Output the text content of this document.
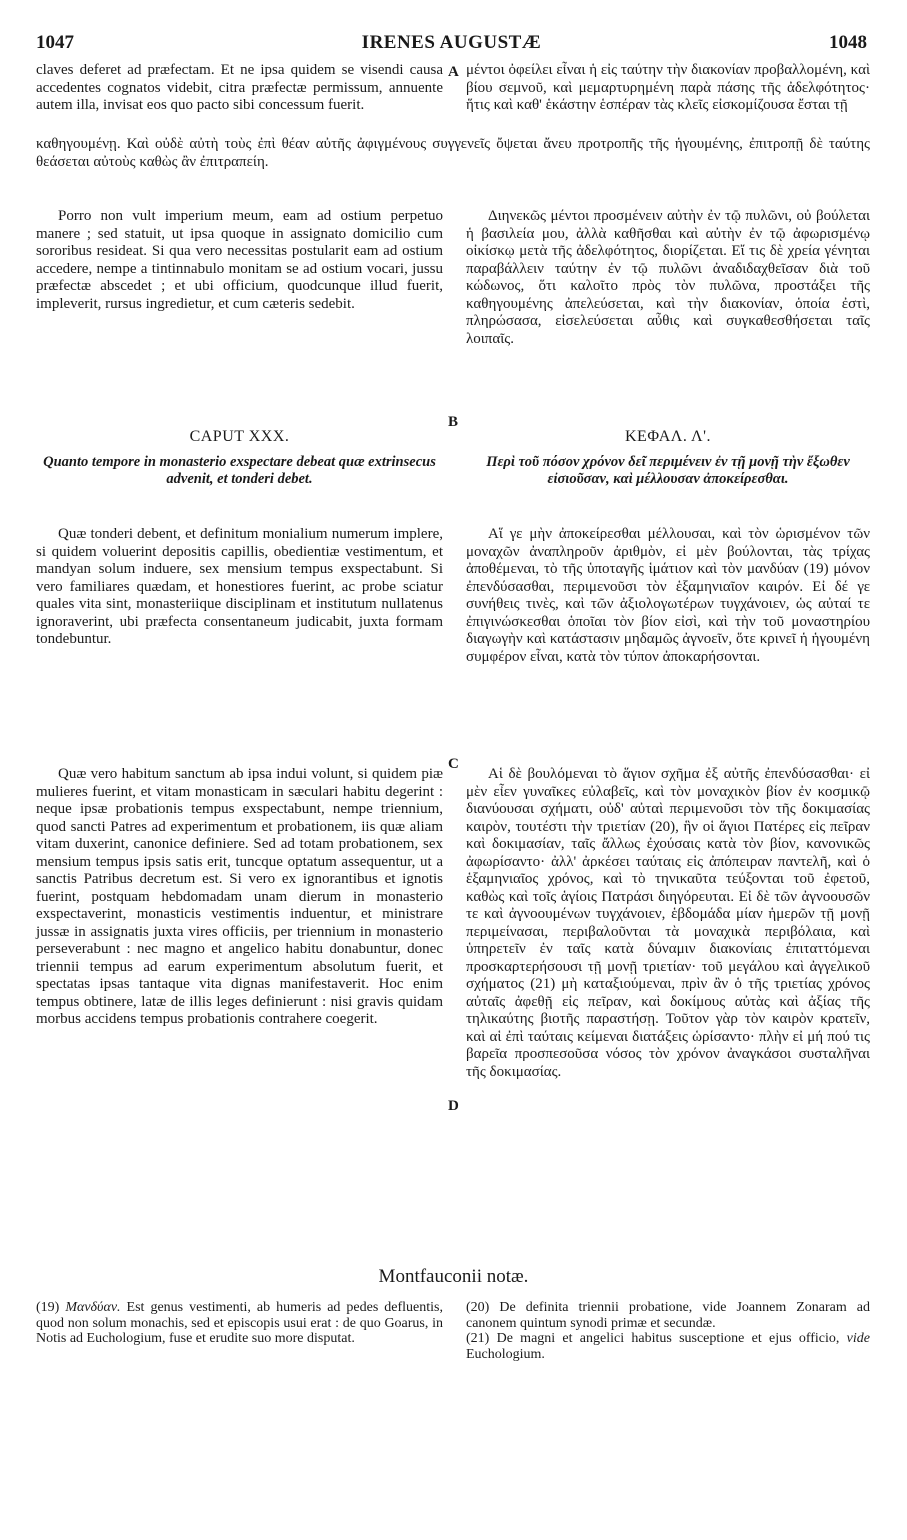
1047	IRENES AUGUSTÆ	1048

claves deferet ad præfectam. Et ne ipsa quidem se visendi causa accedentes cognatos videbit, citra præfectæ permissum, annuente autem illa, invisat eos quo pacto sibi concessum fuerit.

μέντοι ὀφείλει εἶναι ἡ εἰς ταύτην τὴν διακονίαν προβαλλομένη, καὶ βίου σεμνοῦ, καὶ μεμαρτυρημένη παρὰ πάσης τῆς ἀδελφότητος· ἥτις καὶ καθ' ἑκάστην ἑσπέραν τὰς κλεῖς εἰσκομίζουσα ἔσται τῇ

καθηγουμένῃ. Καὶ οὐδὲ αὐτὴ τοὺς ἐπὶ θέαν αὐτῆς ἀφιγμένους συγγενεῖς ὄψεται ἄνευ προτροπῆς τῆς ἡγουμένης, ἐπιτροπῇ δὲ ταύτης θεάσεται αὐτοὺς καθὼς ἂν ἐπιτραπείη.

A
B
C
D

Porro non vult imperium meum, eam ad ostium perpetuo manere ; sed statuit, ut ipsa quoque in assignato domicilio cum sororibus resideat. Si qua vero necessitas postularit eam ad ostium accedere, nempe a tintinnabulo monitam se ad ostium vocari, jussu præfectæ abscedet ; et ubi officium, quodcunque illud fuerit, impleverit, rursus ingredietur, et cum cæteris sedebit.

Διηνεκῶς μέντοι προσμένειν αὐτὴν ἐν τῷ πυλῶνι, οὐ βούλεται ἡ βασιλεία μου, ἀλλὰ καθῆσθαι καὶ αὐτὴν ἐν τῷ ἀφωρισμένῳ οἰκίσκῳ μετὰ τῆς ἀδελφότητος, διορίζεται. Εἴ τις δὲ χρεία γένηται παραβάλλειν ταύτην ἐν τῷ πυλῶνι ἀναδιδαχθεῖσαν διὰ τοῦ κώδωνος, ὅτι καλοῖτο πρὸς τὸν πυλῶνα, προστάξει τῆς καθηγουμένης ἀπελεύσεται, καὶ τὴν διακονίαν, ὁποία ἐστὶ, πληρώσασα, εἰσελεύσεται αὖθις καὶ συγκαθεσθήσεται ταῖς λοιπαῖς.

CAPUT XXX.

Quanto tempore in monasterio exspectare debeat quæ extrinsecus advenit, et tonderi debet.

ΚΕΦΑΛ. Λ'.

Περὶ τοῦ πόσον χρόνον δεῖ περιμένειν ἐν τῇ μονῇ τὴν ἔξωθεν εἰσιοῦσαν, καὶ μέλλουσαν ἀποκείρεσθαι.

Quæ tonderi debent, et definitum monialium numerum implere, si quidem voluerint depositis capillis, obedientiæ vestimentum, et mandyan solum induere, sex mensium tempus exspectabunt. Si vero familiares quædam, et honestiores fuerint, ac probe sciatur quales vita sint, monasteriique disciplinam et institutum nullatenus ignoraverint, ubi præfecta consentaneum judicabit, juxta formam tondebuntur.

Αἵ γε μὴν ἀποκείρεσθαι μέλλουσαι, καὶ τὸν ὡρισμένον τῶν μοναχῶν ἀναπληροῦν ἀριθμὸν, εἰ μὲν βούλονται, τὰς τρίχας ἀποθέμεναι, τὸ τῆς ὑποταγῆς ἱμάτιον καὶ τὸν μανδύαν (19) μόνον ἐπενδύσασθαι, περιμενοῦσι τὸν ἑξαμηνιαῖον καιρόν. Εἰ δέ γε συνήθεις τινὲς, καὶ τῶν ἀξιολογωτέρων τυγχάνοιεν, ὡς αὐταί τε ἐπιγινώσκεσθαι ὁποῖαι τὸν βίον εἰσὶ, καὶ τὴν τοῦ μοναστηρίου διαγωγὴν καὶ κατάστασιν μηδαμῶς ἀγνοεῖν, ὅτε κρινεῖ ἡ ἡγουμένη συμφέρον εἶναι, κατὰ τὸν τύπον ἀποκαρήσονται.

Quæ vero habitum sanctum ab ipsa indui volunt, si quidem piæ mulieres fuerint, et vitam monasticam in sæculari habitu degerint : neque ipsæ probationis tempus exspectabunt, nempe triennium, quod sancti Patres ad experimentum et probationem, iis quæ aliam vitam duxerint, canonice definiere. Sed ad totam probationem, sex mensium tempus ipsis satis erit, tuncque optatum assequentur, ut a sanctis Patribus decretum est. Si vero ex ignorantibus et ignotis fuerint, postquam hebdomadam unam dierum in monasterio exspectaverint, monasticis vestimentis induentur, et ministrare jussæ in assignatis juxta vires officiis, per triennium in monasterio perseverabunt : nec magno et angelico habitu donabuntur, donec triennii tempus ad earum experimentum absolutum fuerit, et spectatas ipsas tantaque vita dignas manifestaverit. Hoc enim tempus obtinere, latæ de illis leges definierunt : nisi gravis quidam morbus accidens tempus probationis contrahere coegerit.

Αἱ δὲ βουλόμεναι τὸ ἅγιον σχῆμα ἐξ αὐτῆς ἐπενδύσασθαι· εἰ μὲν εἶεν γυναῖκες εὐλαβεῖς, καὶ τὸν μοναχικὸν βίον ἐν κοσμικῷ διανύουσαι σχήματι, οὐδ' αὐταὶ περιμενοῦσι τὸν τῆς δοκιμασίας καιρὸν, τουτέστι τὴν τριετίαν (20), ἣν οἱ ἅγιοι Πατέρες εἰς πεῖραν καὶ δοκιμασίαν, ταῖς ἄλλως ἐχούσαις κατὰ τὸν βίον, κανονικῶς ἀφωρίσαντο· ἀλλ' ἀρκέσει ταύταις εἰς ἀπόπειραν παντελῆ, καὶ ὁ ἑξαμηνιαῖος χρόνος, καὶ τὸ τηνικαῦτα τεύξονται τοῦ ἐφετοῦ, καθὼς καὶ τοῖς ἁγίοις Πατράσι διηγόρευται. Εἰ δὲ τῶν ἀγνοουσῶν τε καὶ ἀγνοουμένων τυγχάνοιεν, ἑβδομάδα μίαν ἡμερῶν τῇ μονῇ περιμείνασαι, περιβαλοῦνται τὰ μοναχικὰ περιβόλαια, καὶ ὑπηρετεῖν ἐν ταῖς κατὰ δύναμιν διακονίαις ἐπιταττόμεναι προσκαρτερήσουσι τῇ μονῇ τριετίαν· τοῦ μεγάλου καὶ ἀγγελικοῦ σχήματος (21) μὴ καταξιούμεναι, πρὶν ἂν ὁ τῆς τριετίας χρόνος αὐταῖς ἀφεθῇ εἰς πεῖραν, καὶ δοκίμους αὐτὰς καὶ ἀξίας τῆς τηλικαύτης βιοτῆς παραστήσῃ. Τοῦτον γὰρ τὸν καιρὸν κρατεῖν, καὶ αἱ ἐπὶ ταύταις κείμεναι διατάξεις ὡρίσαντο· πλὴν εἰ μή πού τις βαρεῖα προσπεσοῦσα νόσος τὸν χρόνον ἀναγκάσοι συσταλῆναι τῆς δοκιμασίας.

Montfauconii notæ.
(19) Μανδύαν. Est genus vestimenti, ab humeris ad pedes defluentis, quod non solum monachis, sed et episcopis usui erat : de quo Goarus, in Notis ad Euchologium, fuse et erudite suo more disputat.
(20) De definita triennii probatione, vide Joannem Zonaram ad canonem quintum synodi primæ et secundæ.
(21) De magni et angelici habitus susceptione et ejus officio, vide Euchologium.
